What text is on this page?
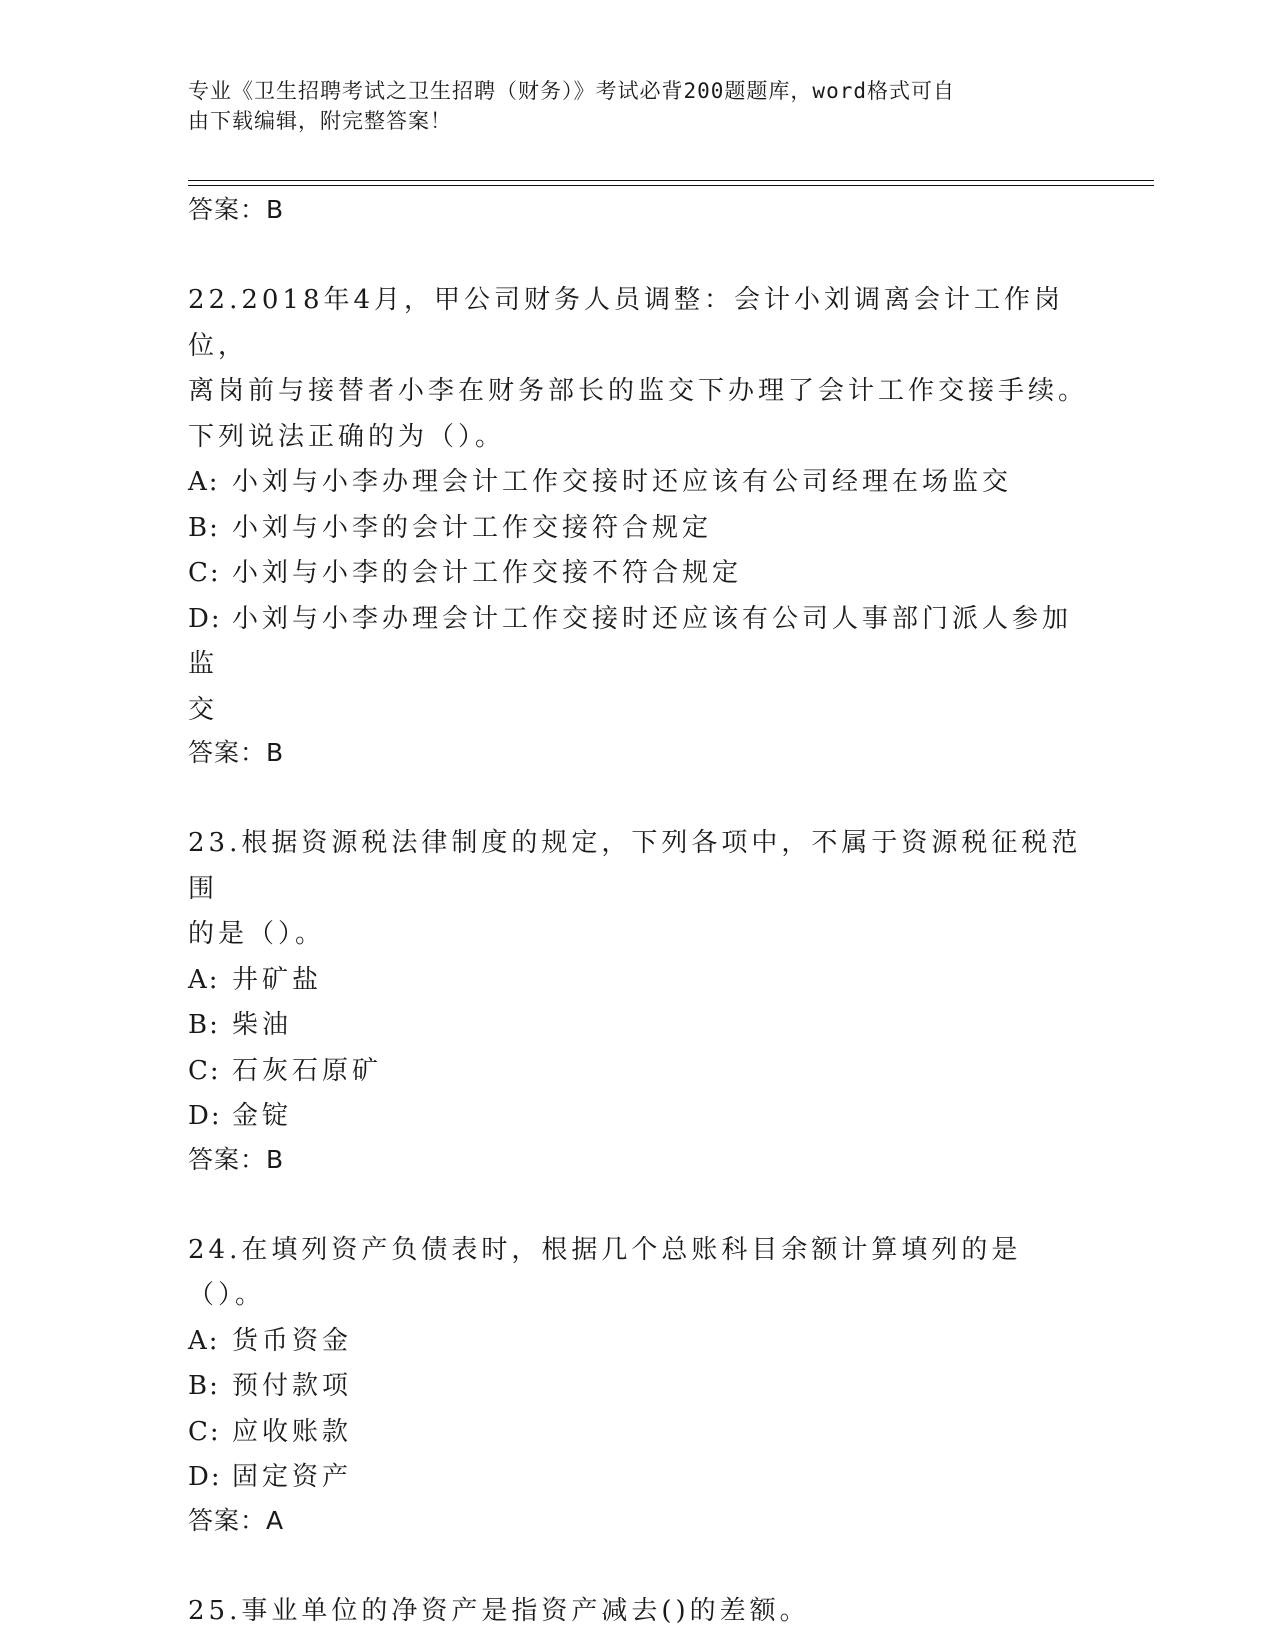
专业《卫生招聘考试之卫生招聘（财务）》考试必背200题题库，word格式可自
由下载编辑，附完整答案！
答案：B
22.2018年4月，甲公司财务人员调整：会计小刘调离会计工作岗位，
离岗前与接替者小李在财务部长的监交下办理了会计工作交接手续。
下列说法正确的为（）。
A: 小刘与小李办理会计工作交接时还应该有公司经理在场监交
B: 小刘与小李的会计工作交接符合规定
C: 小刘与小李的会计工作交接不符合规定
D: 小刘与小李办理会计工作交接时还应该有公司人事部门派人参加监
交
答案：B
23.根据资源税法律制度的规定，下列各项中，不属于资源税征税范围
的是（）。
A: 井矿盐
B: 柴油
C: 石灰石原矿
D: 金锭
答案：B
24.在填列资产负债表时，根据几个总账科目余额计算填列的是（）。
A: 货币资金
B: 预付款项
C: 应收账款
D: 固定资产
答案：A
25.事业单位的净资产是指资产减去()的差额。
